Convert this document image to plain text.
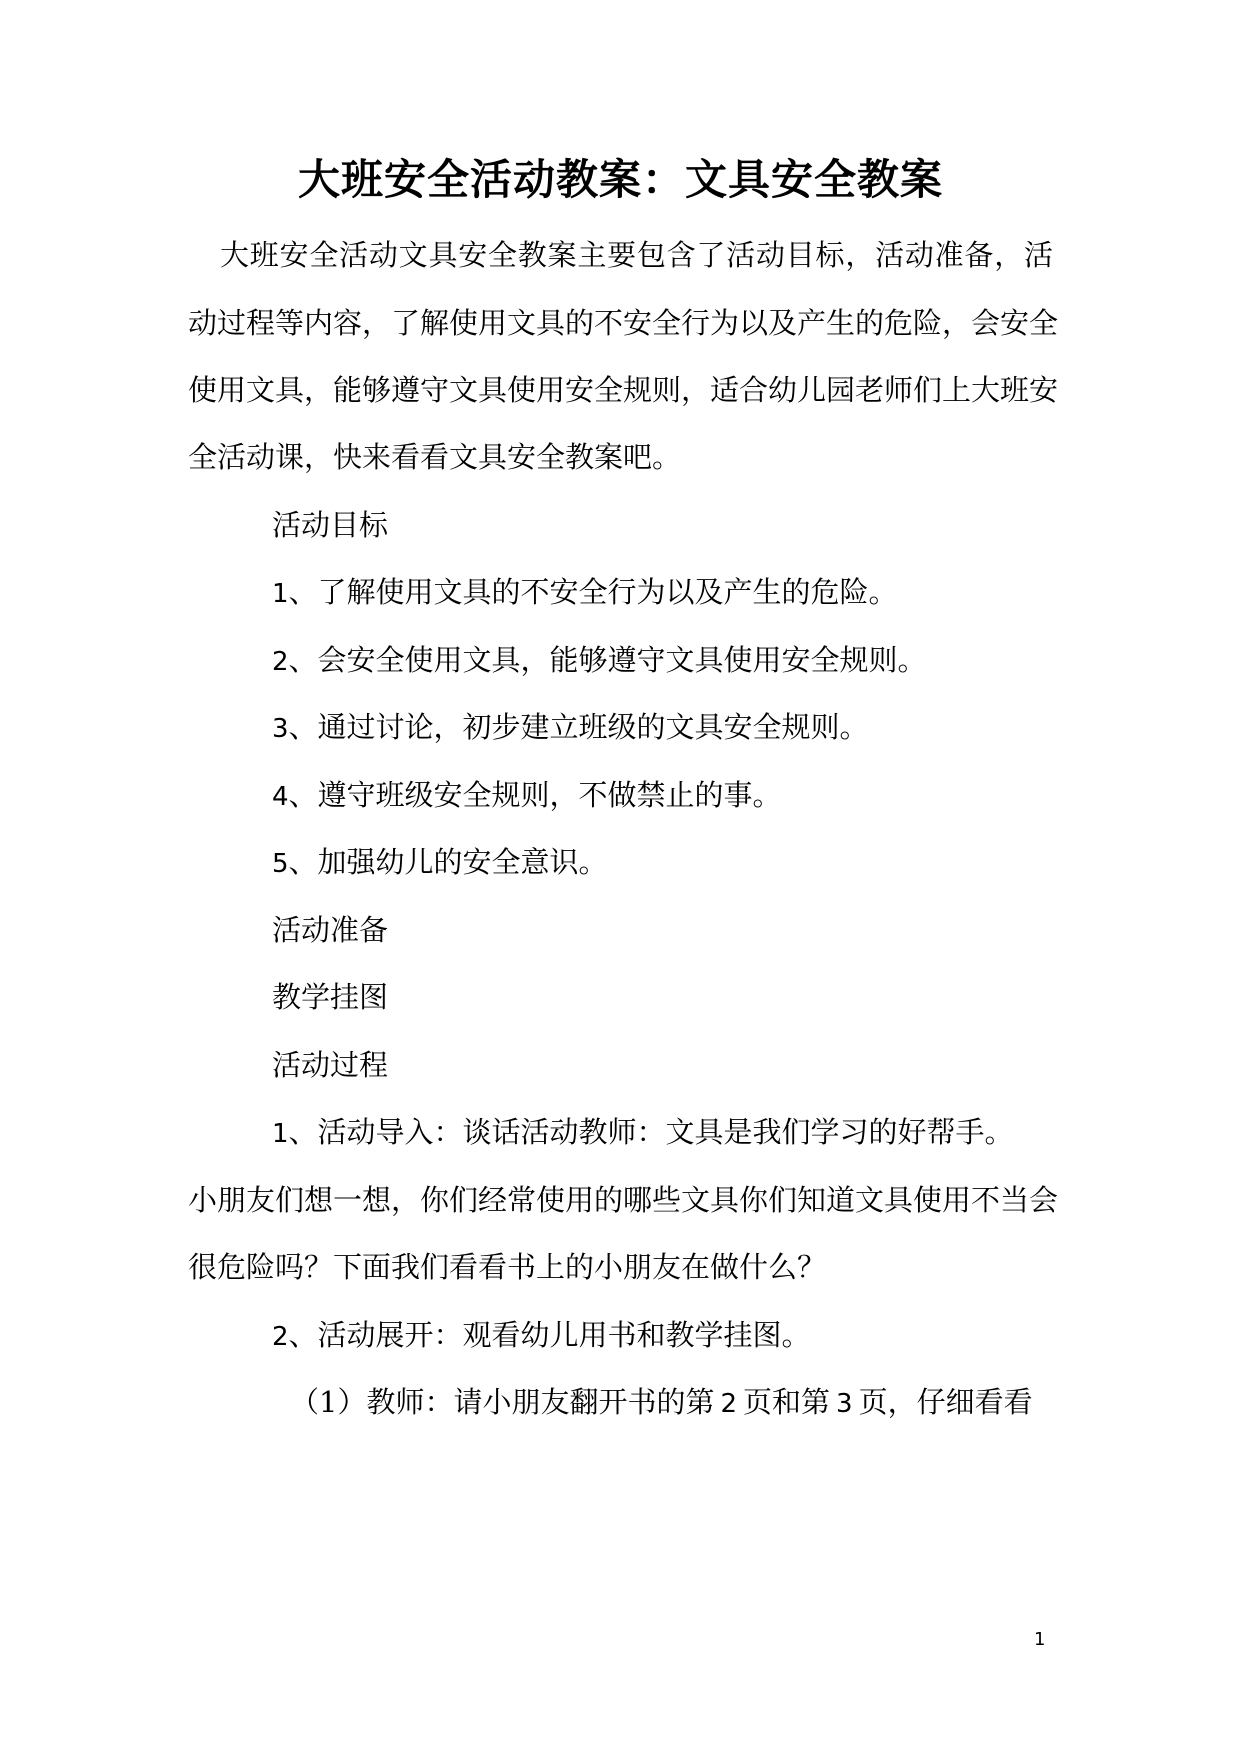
大班安全活动教案：文具安全教案
大班安全活动文具安全教案主要包含了活动目标，活动准备，活
动过程等内容，了解使用文具的不安全行为以及产生的危险，会安全
使用文具，能够遵守文具使用安全规则，适合幼儿园老师们上大班安
全活动课，快来看看文具安全教案吧。
活动目标
1、了解使用文具的不安全行为以及产生的危险。
2、会安全使用文具，能够遵守文具使用安全规则。
3、通过讨论，初步建立班级的文具安全规则。
4、遵守班级安全规则，不做禁止的事。
5、加强幼儿的安全意识。
活动准备
教学挂图
活动过程
1、活动导入：谈话活动教师：文具是我们学习的好帮手。
小朋友们想一想，你们经常使用的哪些文具你们知道文具使用不当会
很危险吗？下面我们看看书上的小朋友在做什么？
2、活动展开：观看幼儿用书和教学挂图。
（1）教师：请小朋友翻开书的第 2 页和第 3 页，仔细看看
1
